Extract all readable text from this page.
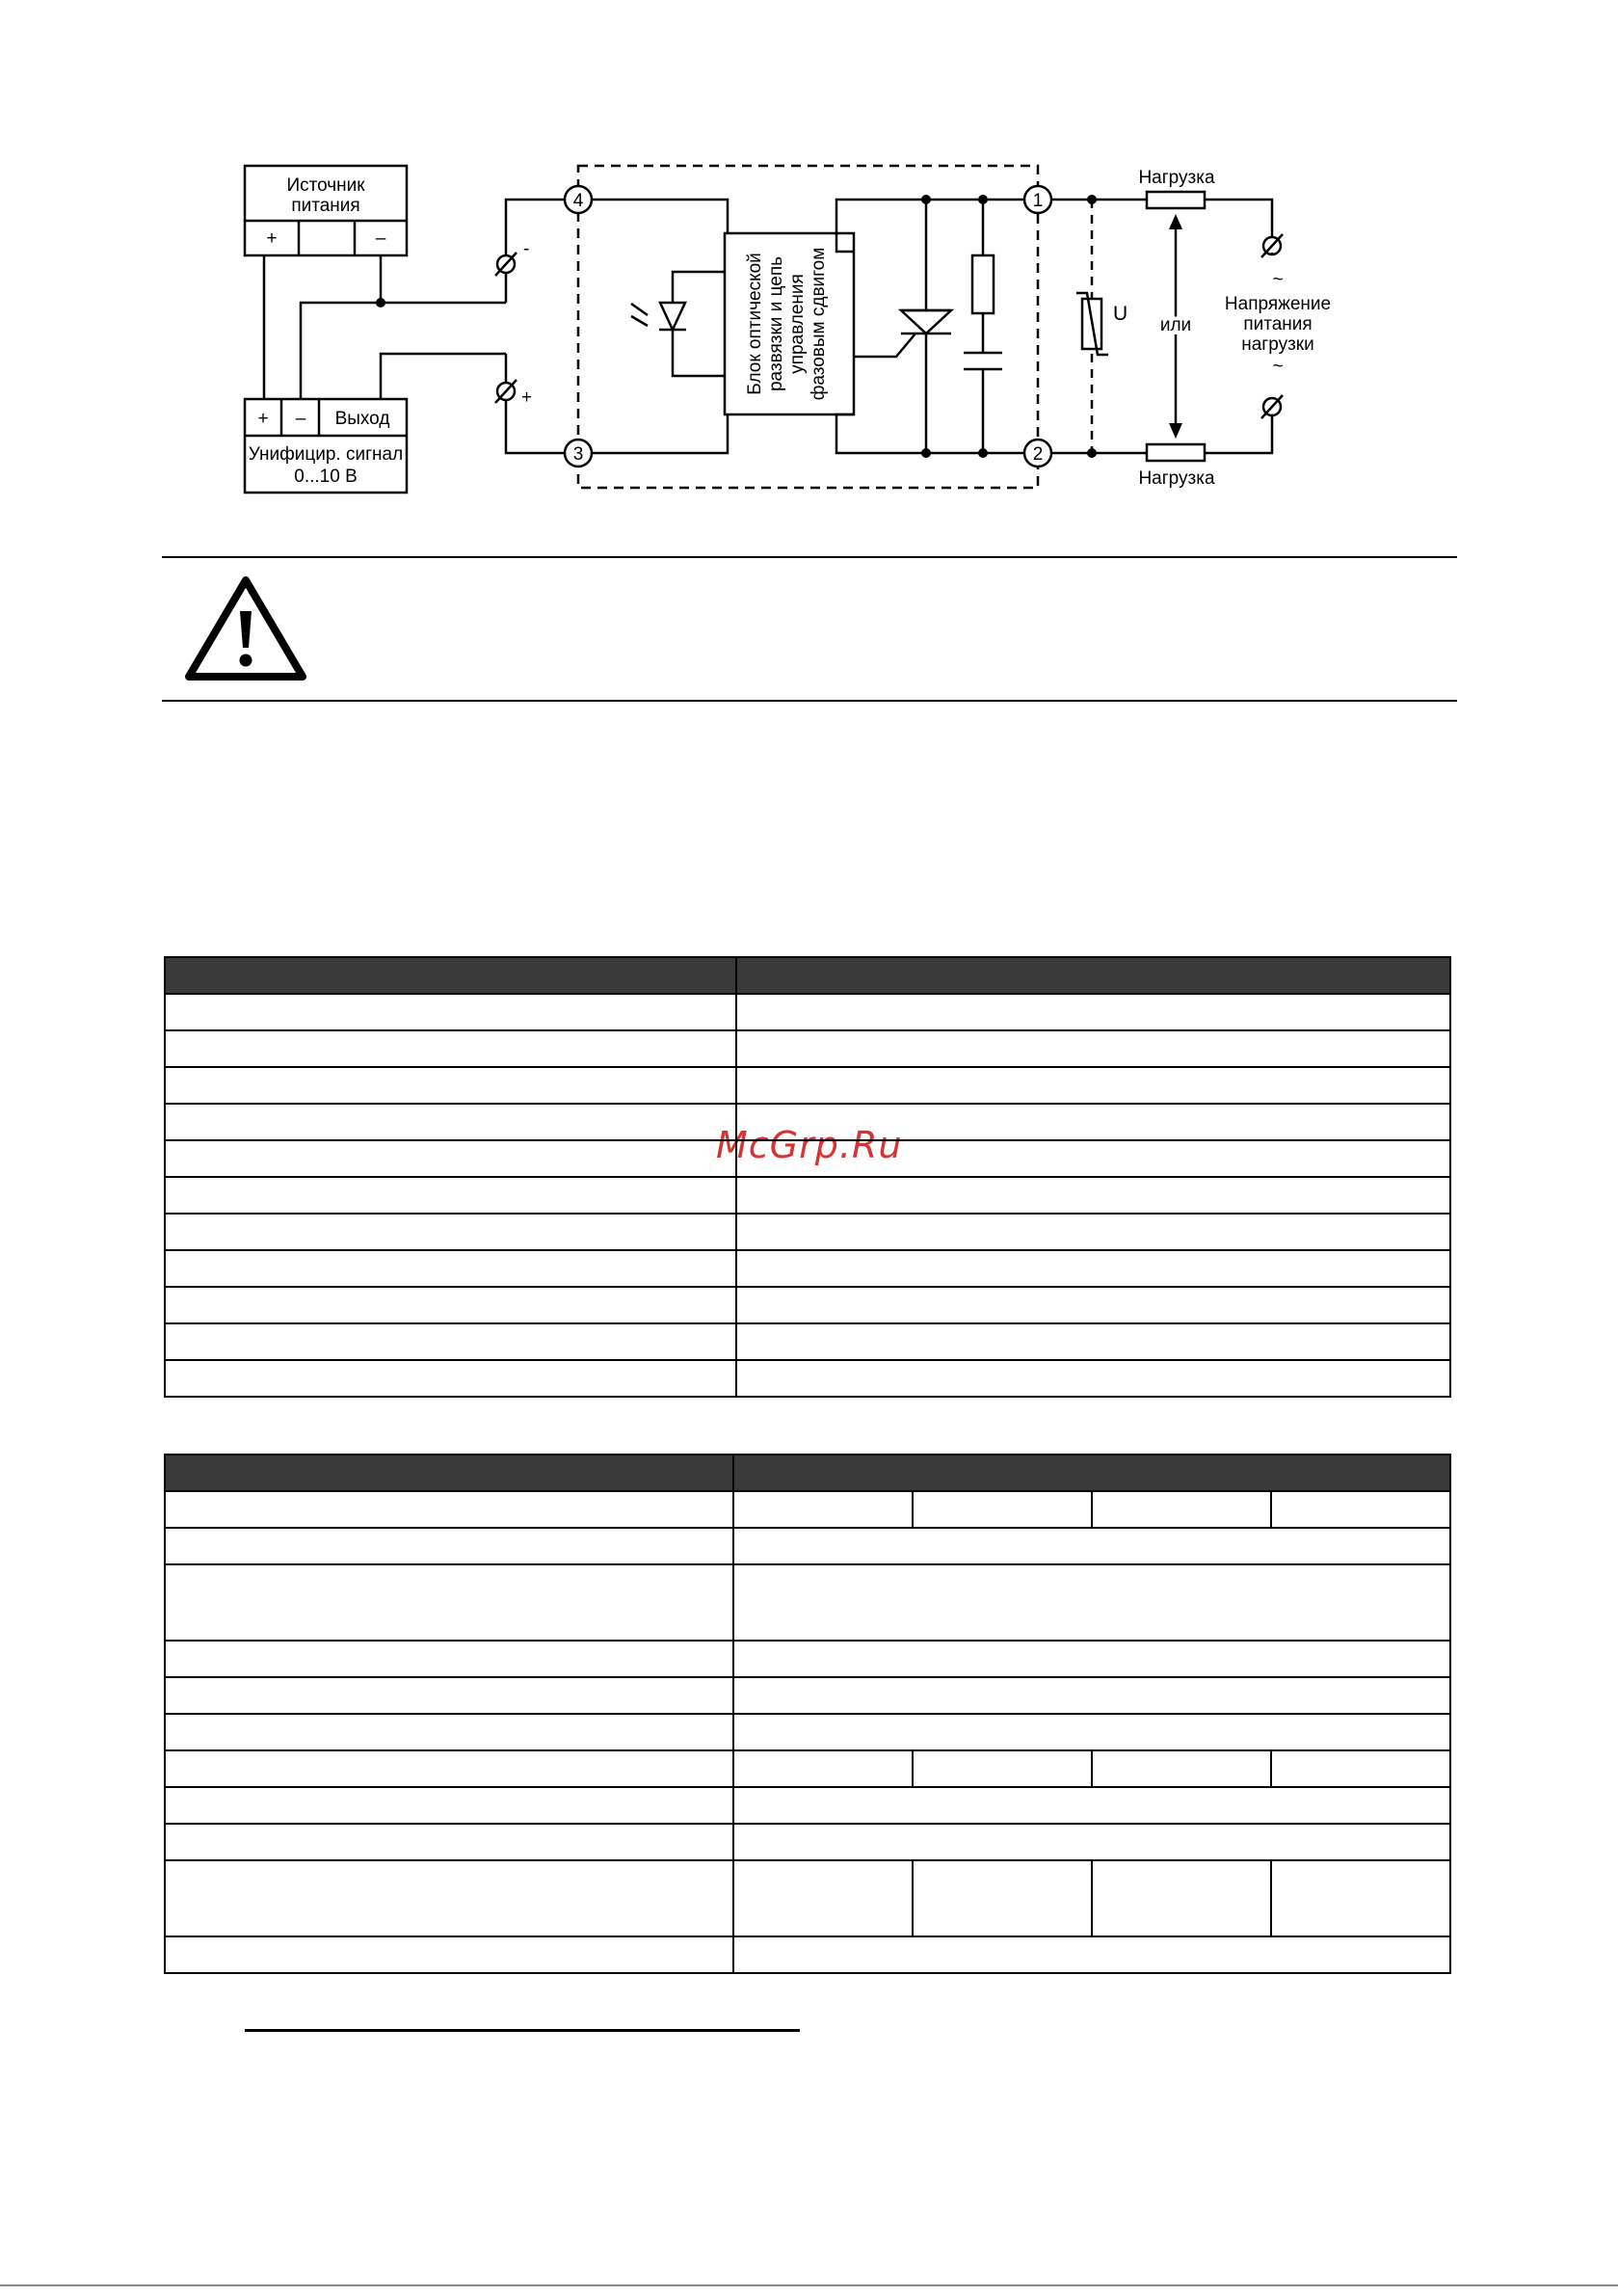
Источник
питания
+	–
+ – Выход
Унифицир. сигнал
0...10 В
4
3
1
2
-
+
Блок оптической развязки и цепь управления фазовым сдвигом
Нагрузка
Нагрузка
U
или
~
Напряжение
питания
нагрузки
~
McGrp.Ru
